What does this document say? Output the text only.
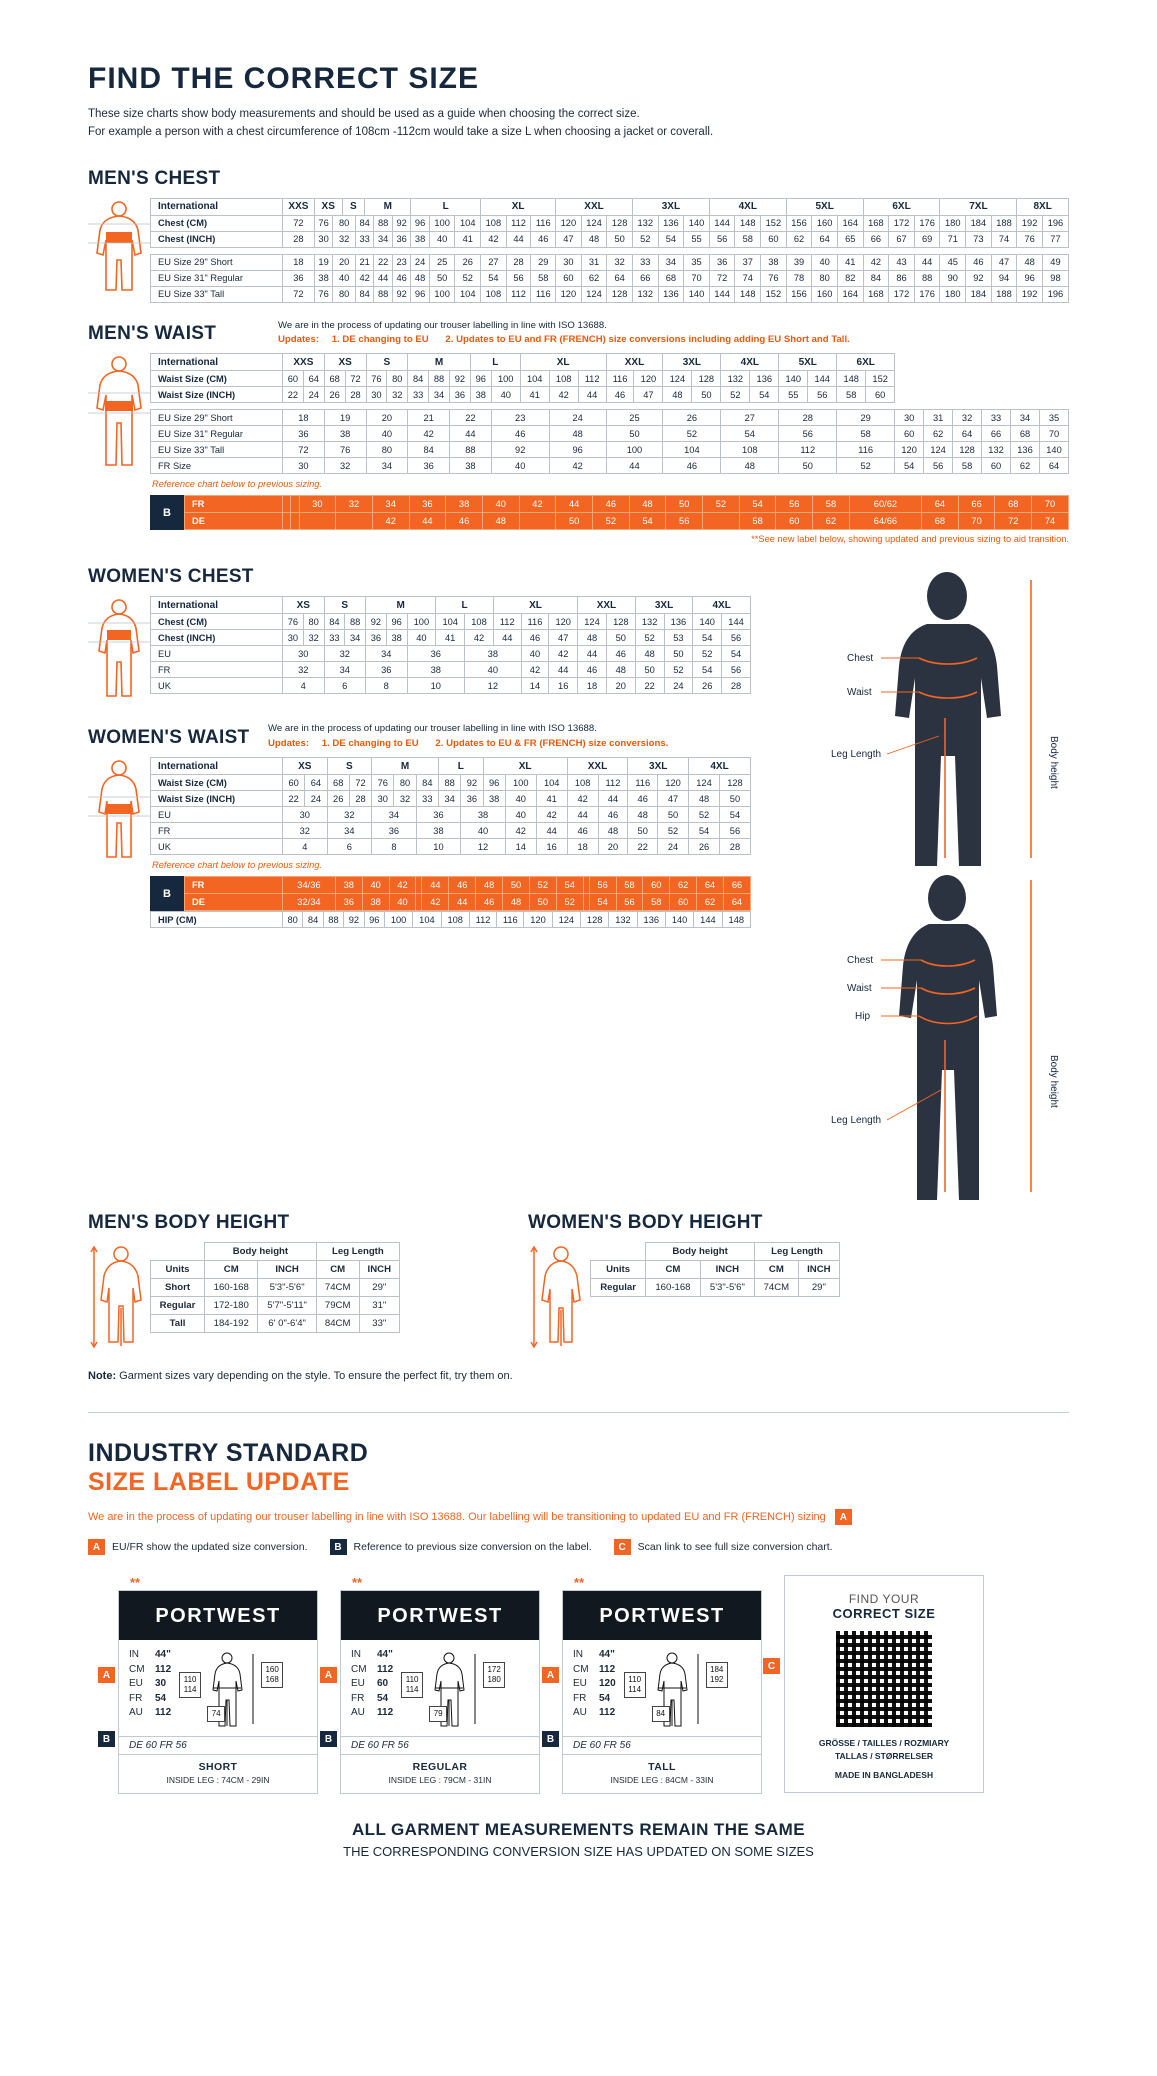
FIND THE CORRECT SIZE
These size charts show body measurements and should be used as a guide when choosing the correct size.
For example a person with a chest circumference of 108cm -112cm would take a size L when choosing a jacket or coverall.
MEN'S CHEST
International	XXS	XS		S		M			L			XL			XXL			3XL			4XL			5XL			6XL			7XL			8XL	
Chest (CM)	72	76	80		84		88	92	96	100	104	108	112	116	120	124	128	132	136	140	144	148	152	156	160	164	168	172	176	180	184	188	192	196
Chest (INCH)	28	30	32		33		34	36	38	40	41	42	44	46	47	48	50	52	54	55	56	58	60	62	64	65	66	67	69	71	73	74	76	77

EU Size 29" Short	18	19	20		21		22	23	24	25	26	27	28	29	30	31	32	33	34	35	36	37	38	39	40	41	42	43	44	45	46	47	48	49
EU Size 31" Regular	36	38	40		42		44	46	48	50	52	54	56	58	60	62	64	66	68	70	72	74	76	78	80	82	84	86	88	90	92	94	96	98
EU Size 33" Tall	72	76	80		84		88	92	96	100	104	108	112	116	120	124	128	132	136	140	144	148	152	156	160	164	168	172	176	180	184	188	192	196
MEN'S WAIST	We are in the process of updating our trouser labelling in line with ISO 13688.
Updates: 1. DE changing to EU 2. Updates to EU and FR (FRENCH) size conversions including adding EU Short and Tall.
International	XXS		XS		S		M			L		XL			XXL		3XL		4XL		5XL		6XL							
Waist Size (CM)	60	64	68	72	76	80	84	88	92	96	100	104	108	112	116	120	124	128	132	136	140	144	148	152						
Waist Size (INCH)	22	24	26	28	30	32	33	34	36	38	40	41	42	44	46	47	48	50	52	54	55	56	58	60						

EU Size 29" Short	18		19		20		21		22		23		24		25		26		27		28		29		30	31	32	33	34	35
EU Size 31" Regular	36		38		40		42		44		46		48		50		52		54		56		58		60	62	64	66	68	70
EU Size 33" Tall	72		76		80		84		88		92		96		100		104		108		112		116		120	124	128	132	136	140
FR Size	30		32		34		36		38		40		42		44		46		48		50		52		54	56	58	60	62	64
Reference chart below to previous sizing.
B
FR			30	32	34	36	38	40	42	44	46	48	50	52	54	56	58	60/62	64	66	68	70
DE					42	44	46	48		50	52	54	56		58	60	62	64/66	68	70	72	74
**See new label below, showing updated and previous sizing to aid transition.
WOMEN'S CHEST
International	XS		S		M			L		XL			XXL		3XL		4XL	
Chest (CM)	76	80	84	88	92	96	100	104	108	112	116	120	124	128	132	136	140	144
Chest (INCH)	30	32	33	34	36	38	40	41	42	44	46	47	48	50	52	53	54	56
EU	30		32		34		36		38		40	42	44	46	48	50	52	54
FR	32		34		36		38		40		42	44	46	48	50	52	54	56
UK	4		6		8		10		12		14	16	18	20	22	24	26	28
WOMEN'S WAIST	We are in the process of updating our trouser labelling in line with ISO 13688.
Updates: 1. DE changing to EU 2. Updates to EU & FR (FRENCH) size conversions.
International	XS		S		M			L		XL			XXL		3XL		4XL	
Waist Size (CM)	60	64	68	72	76	80	84	88	92	96	100	104	108	112	116	120	124	128
Waist Size (INCH)	22	24	26	28	30	32	33	34	36	38	40	41	42	44	46	47	48	50
EU	30		32		34		36		38		40	42	44	46	48	50	52	54
FR	32		34		36		38		40		42	44	46	48	50	52	54	56
UK	4		6		8		10		12		14	16	18	20	22	24	26	28
Reference chart below to previous sizing.
B
FR	34/36	38	40	42		44	46	48	50	52	54		56	58	60	62	64	66
DE	32/34	36	38	40		42	44	46	48	50	52		54	56	58	60	62	64
HIP (CM)	80	84	88	92	96	100	104	108	112	116	120	124	128	132	136	140	144	148
Chest
Waist
Leg Length	Body height
Chest
Waist
Hip
Leg Length
Body height
MEN'S BODY HEIGHT
	Body height		Leg Length	
Units	CM	INCH	CM	INCH
Short	160-168	5'3"-5'6"	74CM	29"
Regular	172-180	5'7"-5'11"	79CM	31"
Tall	184-192	6' 0"-6'4"	84CM	33"
WOMEN'S BODY HEIGHT
	Body height		Leg Length	
Units	CM	INCH	CM	INCH
Regular	160-168	5'3"-5'6"	74CM	29"
Note: Garment sizes vary depending on the style. To ensure the perfect fit, try them on.
INDUSTRY STANDARD
SIZE LABEL UPDATE
We are in the process of updating our trouser labelling in line with ISO 13688. Our labelling will be transitioning to updated EU and FR (FRENCH) sizing A
A	EU/FR show the updated size conversion.	B	Reference to previous size conversion on the label.	C	Scan link to see full size conversion chart.
**
PORTWEST
IN	44"
CM	112
EU	30
FR	54
AU	112
110
114
160
168
74
DE 60 FR 56
SHORT
INSIDE LEG : 74CM - 29IN
A
B
**
PORTWEST
IN	44"
CM	112
EU	60
FR	54
AU	112
110
114
172
180
79
DE 60 FR 56
REGULAR
INSIDE LEG : 79CM - 31IN
A
B
**
PORTWEST
IN	44"
CM	112
EU	120
FR	54
AU	112
110
114
184
192
84
DE 60 FR 56
TALL
INSIDE LEG : 84CM - 33IN
A
B
C
FIND YOUR
CORRECT SIZE
GRÖSSE / TAILLES / ROZMIARY
TALLAS / STØRRELSER
MADE IN BANGLADESH
ALL GARMENT MEASUREMENTS REMAIN THE SAME
THE CORRESPONDING CONVERSION SIZE HAS UPDATED ON SOME SIZES
